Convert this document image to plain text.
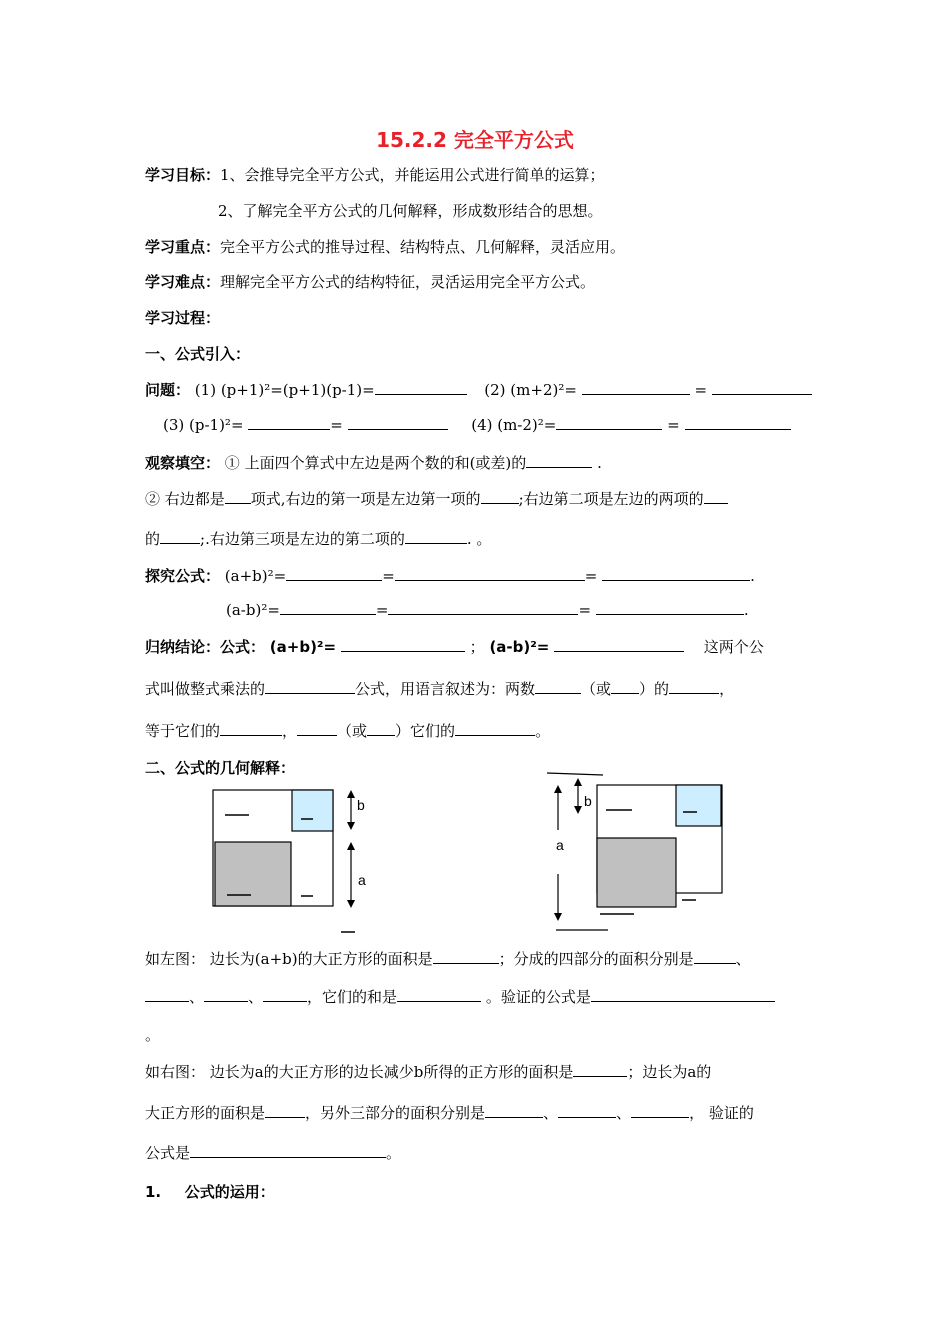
15.2.2 完全平方公式
学习目标：1、会推导完全平方公式，并能运用公式进行简单的运算；
2、了解完全平方公式的几何解释，形成数形结合的思想。
学习重点：完全平方公式的推导过程、结构特点、几何解释，灵活应用。
学习难点：理解完全平方公式的结构特征，灵活运用完全平方公式。
学习过程：
一、公式引入：
问题： (1) (p+1)²=(p+1)(p-1)=	(2) (m+2)²=	=
(3) (p-1)²=	=	(4) (m-2)²=	=
观察填空： ① 上面四个算式中左边是两个数的和(或差)的	.
② 右边都是 项式,右边的第一项是左边第一项的	;右边第二项是左边的两项的
的	;.右边第三项是左边的第二项的	. 。
探究公式： (a+b)²=	=	=	.
(a-b)²=	=	=	.
归纳结论：公式： (a+b)²=	； (a-b)²=	这两个公
式叫做整式乘法的	公式，用语言叙述为：两数	（或 ）的	，
等于它们的	，	（或 ）它们的	。
二、公式的几何解释：
b
a
b
a
如左图： 边长为(a+b)的大正方形的面积是	；分成的四部分的面积分别是	、
、	、	，它们的和是	。验证的公式是
。
如右图： 边长为a的大正方形的边长减少b所得的正方形的面积是	；边长为a的
大正方形的面积是	，另外三部分的面积分别是	、	、	， 验证的
公式是	。
1. 公式的运用：
